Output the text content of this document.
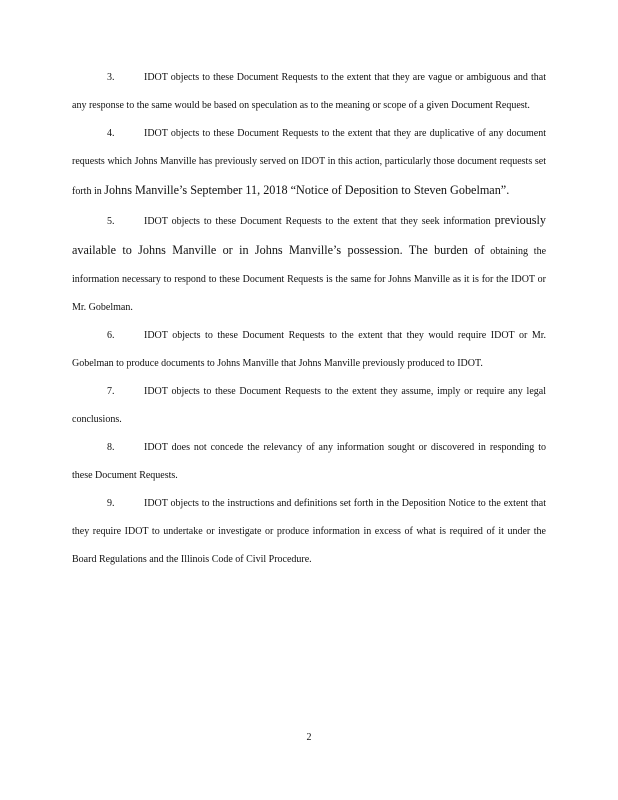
3.	IDOT objects to these Document Requests to the extent that they are vague or ambiguous and that any response to the same would be based on speculation as to the meaning or scope of a given Document Request.

4.	IDOT objects to these Document Requests to the extent that they are duplicative of any document requests which Johns Manville has previously served on IDOT in this action, particularly those document requests set forth in Johns Manville’s September 11, 2018 “Notice of Deposition to Steven Gobelman”.

5.	IDOT objects to these Document Requests to the extent that they seek information previously available to Johns Manville or in Johns Manville’s possession. The burden of obtaining the information necessary to respond to these Document Requests is the same for Johns Manville as it is for the IDOT or Mr. Gobelman.

6.	IDOT objects to these Document Requests to the extent that they would require IDOT or Mr. Gobelman to produce documents to Johns Manville that Johns Manville previously produced to IDOT.

7.	IDOT objects to these Document Requests to the extent they assume, imply or require any legal conclusions.

8.	IDOT does not concede the relevancy of any information sought or discovered in responding to these Document Requests.

9.	IDOT objects to the instructions and definitions set forth in the Deposition Notice to the extent that they require IDOT to undertake or investigate or produce information in excess of what is required of it under the Board Regulations and the Illinois Code of Civil Procedure.

2
